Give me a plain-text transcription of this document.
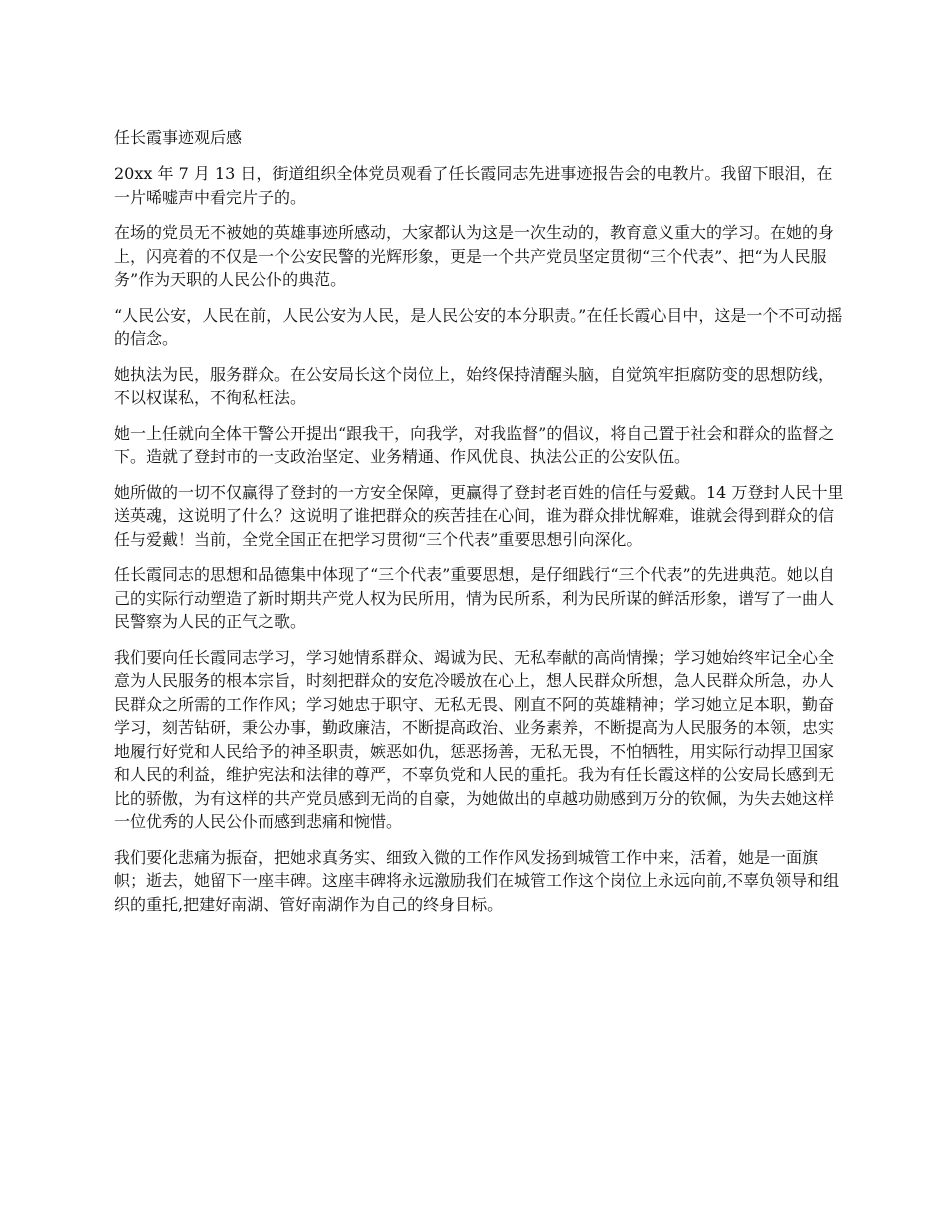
任长霞事迹观后感

20xx 年 7 月 13 日，街道组织全体党员观看了任长霞同志先进事迹报告会的电教片。我留下眼泪，在一片唏嘘声中看完片子的。

在场的党员无不被她的英雄事迹所感动，大家都认为这是一次生动的，教育意义重大的学习。在她的身上，闪亮着的不仅是一个公安民警的光辉形象，更是一个共产党员坚定贯彻“三个代表”、把“为人民服务”作为天职的人民公仆的典范。

“人民公安，人民在前，人民公安为人民，是人民公安的本分职责。”在任长霞心目中，这是一个不可动摇的信念。

她执法为民，服务群众。在公安局长这个岗位上，始终保持清醒头脑，自觉筑牢拒腐防变的思想防线，不以权谋私，不徇私枉法。

她一上任就向全体干警公开提出“跟我干，向我学，对我监督”的倡议，将自己置于社会和群众的监督之下。造就了登封市的一支政治坚定、业务精通、作风优良、执法公正的公安队伍。

她所做的一切不仅赢得了登封的一方安全保障，更赢得了登封老百姓的信任与爱戴。14 万登封人民十里送英魂，这说明了什么？这说明了谁把群众的疾苦挂在心间，谁为群众排忧解难，谁就会得到群众的信任与爱戴！当前，全党全国正在把学习贯彻“三个代表”重要思想引向深化。

任长霞同志的思想和品德集中体现了“三个代表”重要思想，是仔细践行“三个代表”的先进典范。她以自己的实际行动塑造了新时期共产党人权为民所用，情为民所系，利为民所谋的鲜活形象，谱写了一曲人民警察为人民的正气之歌。

我们要向任长霞同志学习，学习她情系群众、竭诚为民、无私奉献的高尚情操；学习她始终牢记全心全意为人民服务的根本宗旨，时刻把群众的安危冷暖放在心上，想人民群众所想，急人民群众所急，办人民群众之所需的工作作风；学习她忠于职守、无私无畏、刚直不阿的英雄精神；学习她立足本职，勤奋学习，刻苦钻研，秉公办事，勤政廉洁，不断提高政治、业务素养，不断提高为人民服务的本领，忠实地履行好党和人民给予的神圣职责，嫉恶如仇，惩恶扬善，无私无畏，不怕牺牲，用实际行动捍卫国家和人民的利益，维护宪法和法律的尊严，不辜负党和人民的重托。我为有任长霞这样的公安局长感到无比的骄傲，为有这样的共产党员感到无尚的自豪，为她做出的卓越功勋感到万分的钦佩，为失去她这样一位优秀的人民公仆而感到悲痛和惋惜。

我们要化悲痛为振奋，把她求真务实、细致入微的工作作风发扬到城管工作中来，活着，她是一面旗帜；逝去，她留下一座丰碑。这座丰碑将永远激励我们在城管工作这个岗位上永远向前,不辜负领导和组织的重托,把建好南湖、管好南湖作为自己的终身目标。
